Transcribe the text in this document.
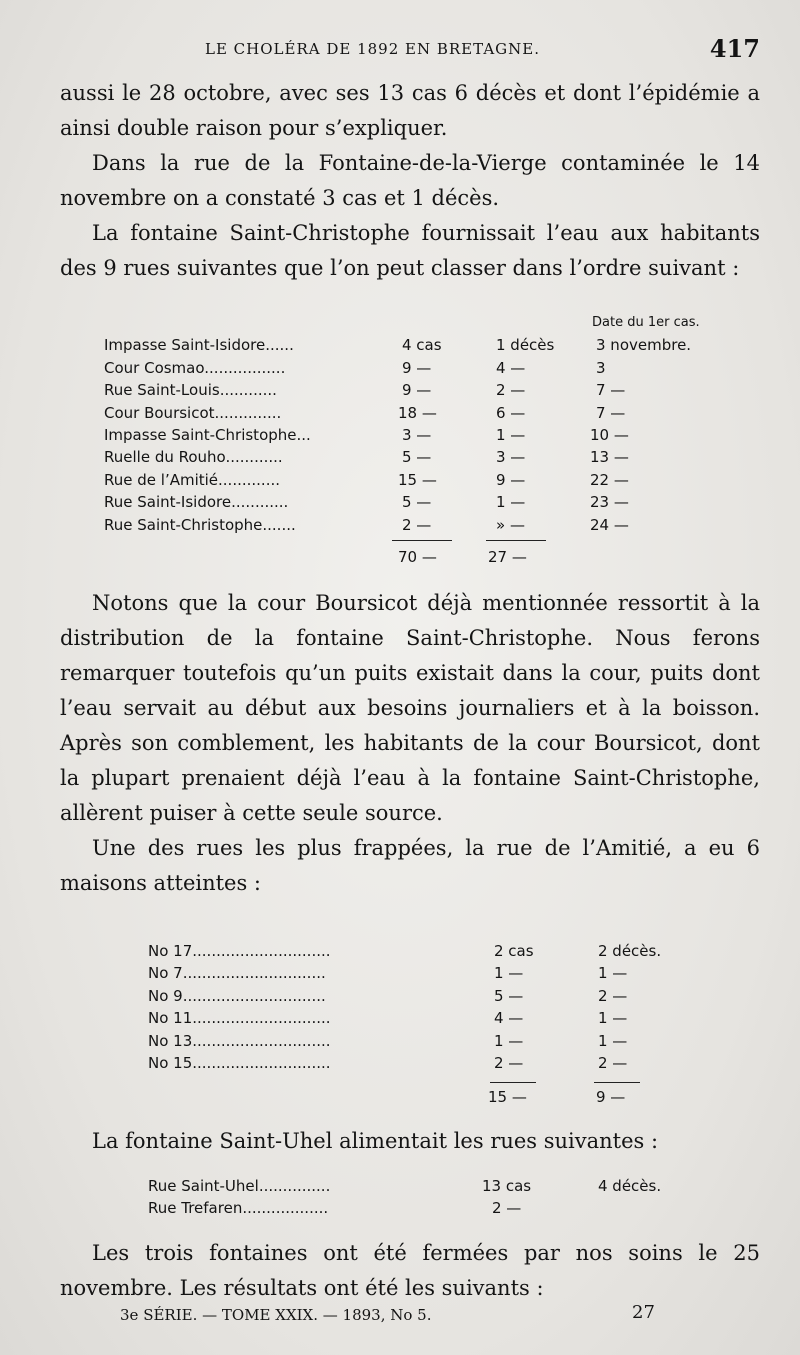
LE CHOLÉRA DE 1892 EN BRETAGNE.	417

aussi le 28 octobre, avec ses 13 cas 6 décès et dont l’épidémie a ainsi double raison pour s’expliquer.

Dans la rue de la Fontaine-de-la-Vierge contaminée le 14 novembre on a constaté 3 cas et 1 décès.

La fontaine Saint-Christophe fournissait l’eau aux habitants des 9 rues suivantes que l’on peut classer dans l’ordre suivant :

Date du 1er cas.
Impasse Saint-Isidore......	4 cas	1 décès	3 novembre.
Cour Cosmao.................	9 —	4 —	3
Rue Saint-Louis............	9 —	2 —	7 —
Cour Boursicot..............	18 —	6 —	7 —
Impasse Saint-Christophe...	3 —	1 —	10 —
Ruelle du Rouho............	5 —	3 —	13 —
Rue de l’Amitié.............	15 —	9 —	22 —
Rue Saint-Isidore............	5 —	1 —	23 —
Rue Saint-Christophe.......	2 —	» —	24 —
70 —	27 —

Notons que la cour Boursicot déjà mentionnée ressortit à la distribution de la fontaine Saint-Christophe. Nous ferons remarquer toutefois qu’un puits existait dans la cour, puits dont l’eau servait au début aux besoins journaliers et à la boisson. Après son comblement, les habitants de la cour Boursicot, dont la plupart prenaient déjà l’eau à la fontaine Saint-Christophe, allèrent puiser à cette seule source.

Une des rues les plus frappées, la rue de l’Amitié, a eu 6 maisons atteintes :

No 17.............................	2 cas	2 décès.
No 7..............................	1 —	1 —
No 9..............................	5 —	2 —
No 11.............................	4 —	1 —
No 13.............................	1 —	1 —
No 15.............................	2 —	2 —
15 —	9 —

La fontaine Saint-Uhel alimentait les rues suivantes :

Rue Saint-Uhel...............	13 cas	4 décès.
Rue Trefaren..................	2 —

Les trois fontaines ont été fermées par nos soins le 25 novembre. Les résultats ont été les suivants :

3e SÉRIE. — TOME XXIX. — 1893, No 5.	27
